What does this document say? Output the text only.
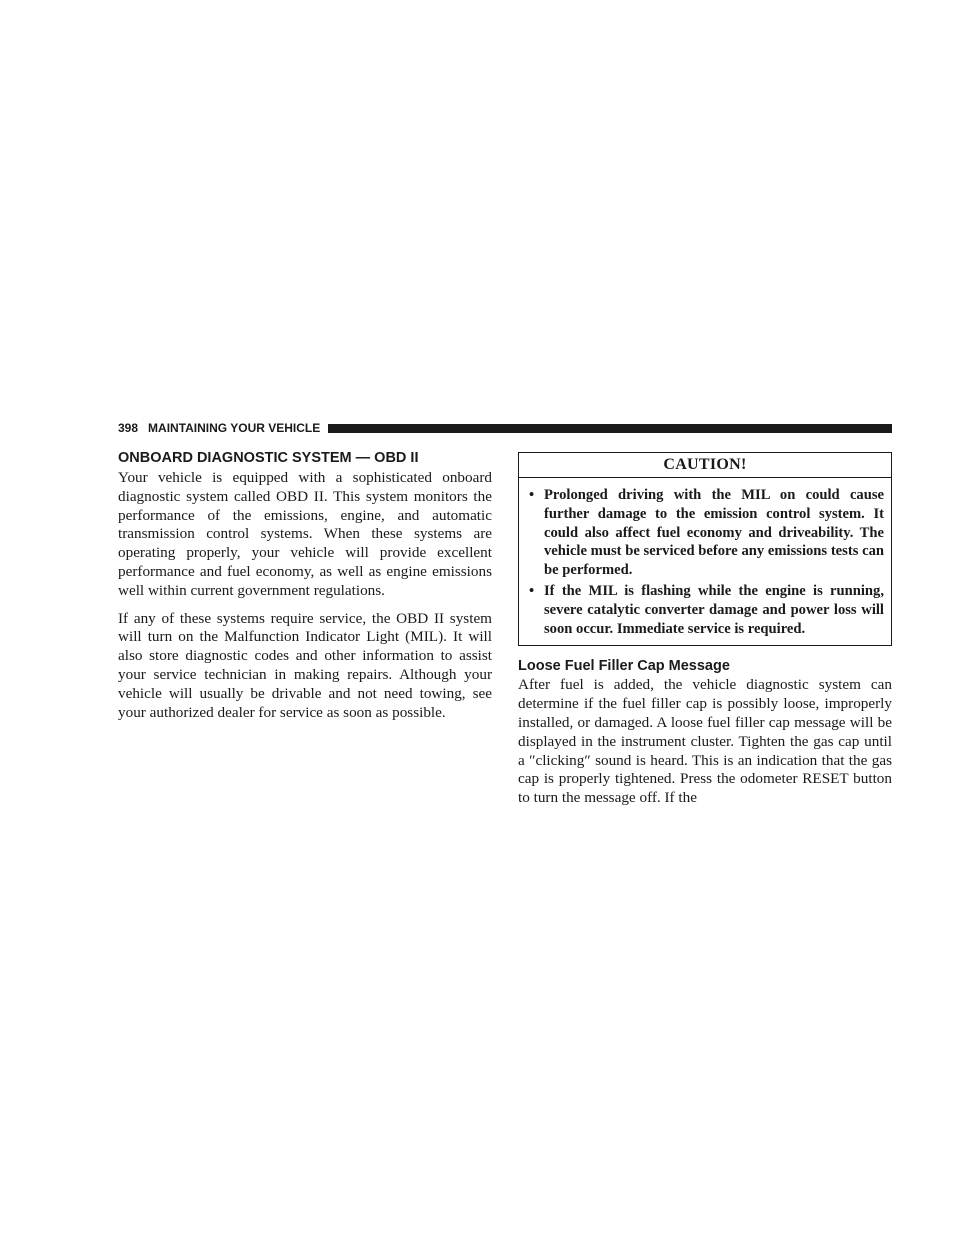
398 MAINTAINING YOUR VEHICLE
ONBOARD DIAGNOSTIC SYSTEM — OBD II

Your vehicle is equipped with a sophisticated onboard diagnostic system called OBD II. This system monitors the performance of the emissions, engine, and automatic transmission control systems. When these systems are operating properly, your vehicle will provide excellent performance and fuel economy, as well as engine emissions well within current government regulations.

If any of these systems require service, the OBD II system will turn on the Malfunction Indicator Light (MIL). It will also store diagnostic codes and other information to assist your service technician in making repairs. Although your vehicle will usually be drivable and not need towing, see your authorized dealer for service as soon as possible.

CAUTION!
• Prolonged driving with the MIL on could cause further damage to the emission control system. It could also affect fuel economy and driveability. The vehicle must be serviced before any emissions tests can be performed.
• If the MIL is flashing while the engine is running, severe catalytic converter damage and power loss will soon occur. Immediate service is required.
Loose Fuel Filler Cap Message

After fuel is added, the vehicle diagnostic system can determine if the fuel filler cap is possibly loose, improperly installed, or damaged. A loose fuel filler cap message will be displayed in the instrument cluster. Tighten the gas cap until a ″clicking″ sound is heard. This is an indication that the gas cap is properly tightened. Press the odometer RESET button to turn the message off. If the
